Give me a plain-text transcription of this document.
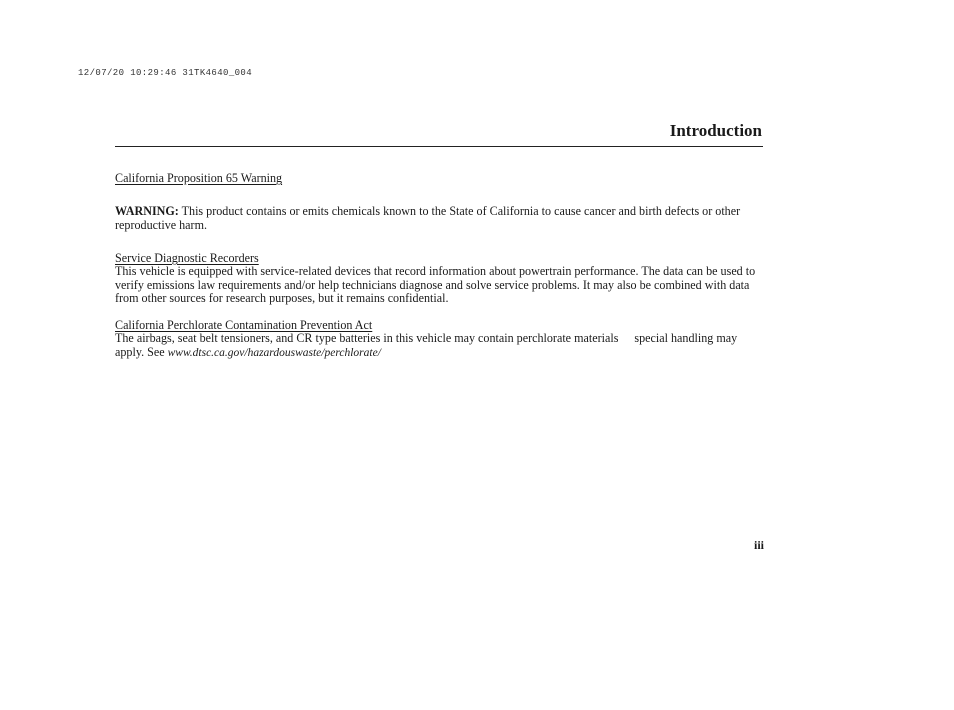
12/07/20 10:29:46 31TK4640_004
Introduction
California Proposition 65 Warning

WARNING: This product contains or emits chemicals known to the State of California to cause cancer and birth defects or other reproductive harm.

Service Diagnostic Recorders

This vehicle is equipped with service-related devices that record information about powertrain performance. The data can be used to verify emissions law requirements and/or help technicians diagnose and solve service problems. It may also be combined with data from other sources for research purposes, but it remains confidential.

California Perchlorate Contamination Prevention Act

The airbags, seat belt tensioners, and CR type batteries in this vehicle may contain perchlorate materials special handling may apply. See www.dtsc.ca.gov/hazardouswaste/perchlorate/

iii
